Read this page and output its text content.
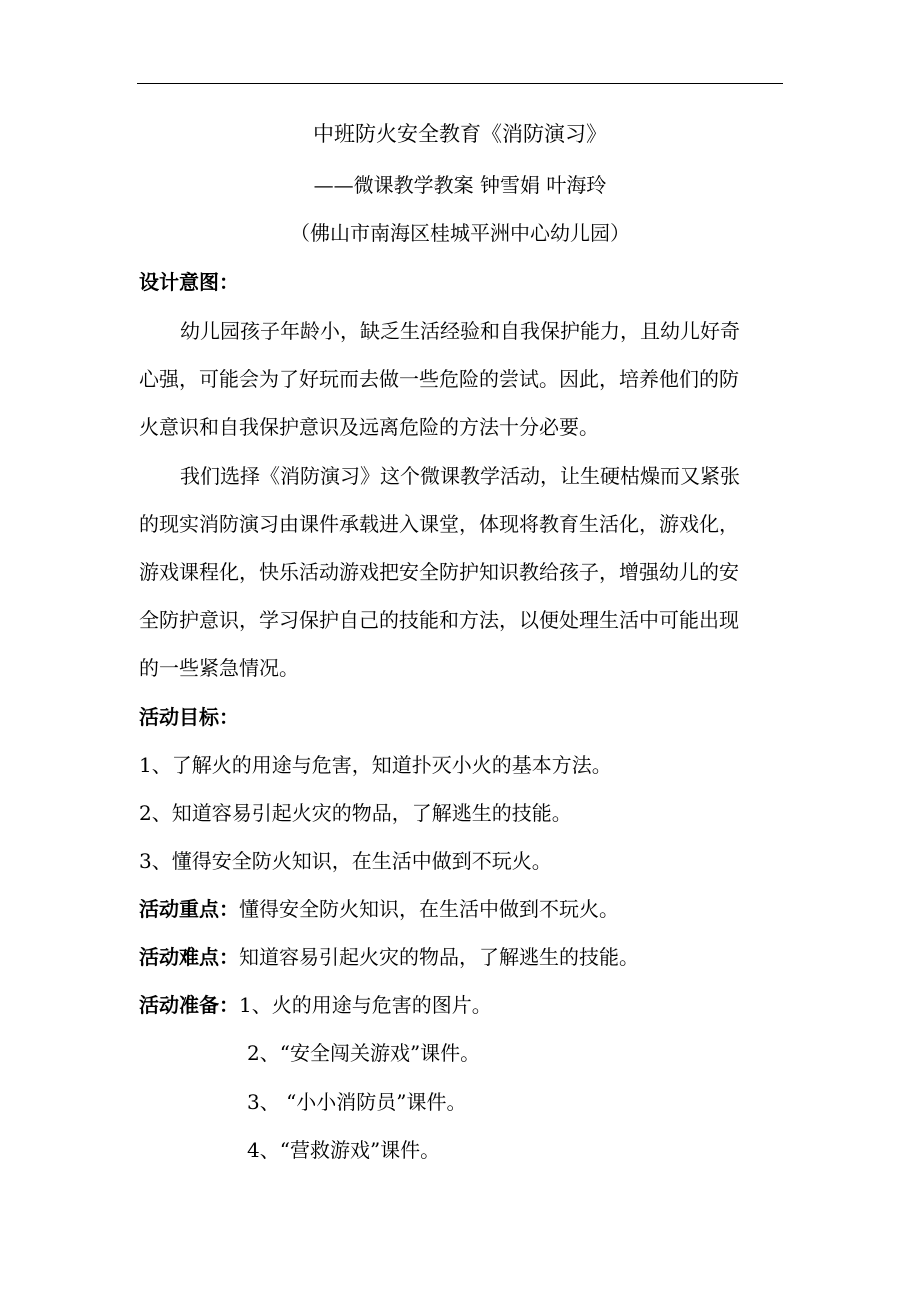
中班防火安全教育《消防演习》
——微课教学教案 钟雪娟 叶海玲
（佛山市南海区桂城平洲中心幼儿园）
设计意图：
幼儿园孩子年龄小，缺乏生活经验和自我保护能力，且幼儿好奇
心强，可能会为了好玩而去做一些危险的尝试。因此，培养他们的防
火意识和自我保护意识及远离危险的方法十分必要。
我们选择《消防演习》这个微课教学活动，让生硬枯燥而又紧张
的现实消防演习由课件承载进入课堂，体现将教育生活化，游戏化，
游戏课程化，快乐活动游戏把安全防护知识教给孩子，增强幼儿的安
全防护意识，学习保护自己的技能和方法，以便处理生活中可能出现
的一些紧急情况。
活动目标：
1、了解火的用途与危害，知道扑灭小火的基本方法。
2、知道容易引起火灾的物品，了解逃生的技能。
3、懂得安全防火知识，在生活中做到不玩火。
活动重点：懂得安全防火知识，在生活中做到不玩火。
活动难点：知道容易引起火灾的物品，了解逃生的技能。
活动准备：1、火的用途与危害的图片。
2、“安全闯关游戏”课件。
3、 “小小消防员”课件。
4、“营救游戏”课件。
